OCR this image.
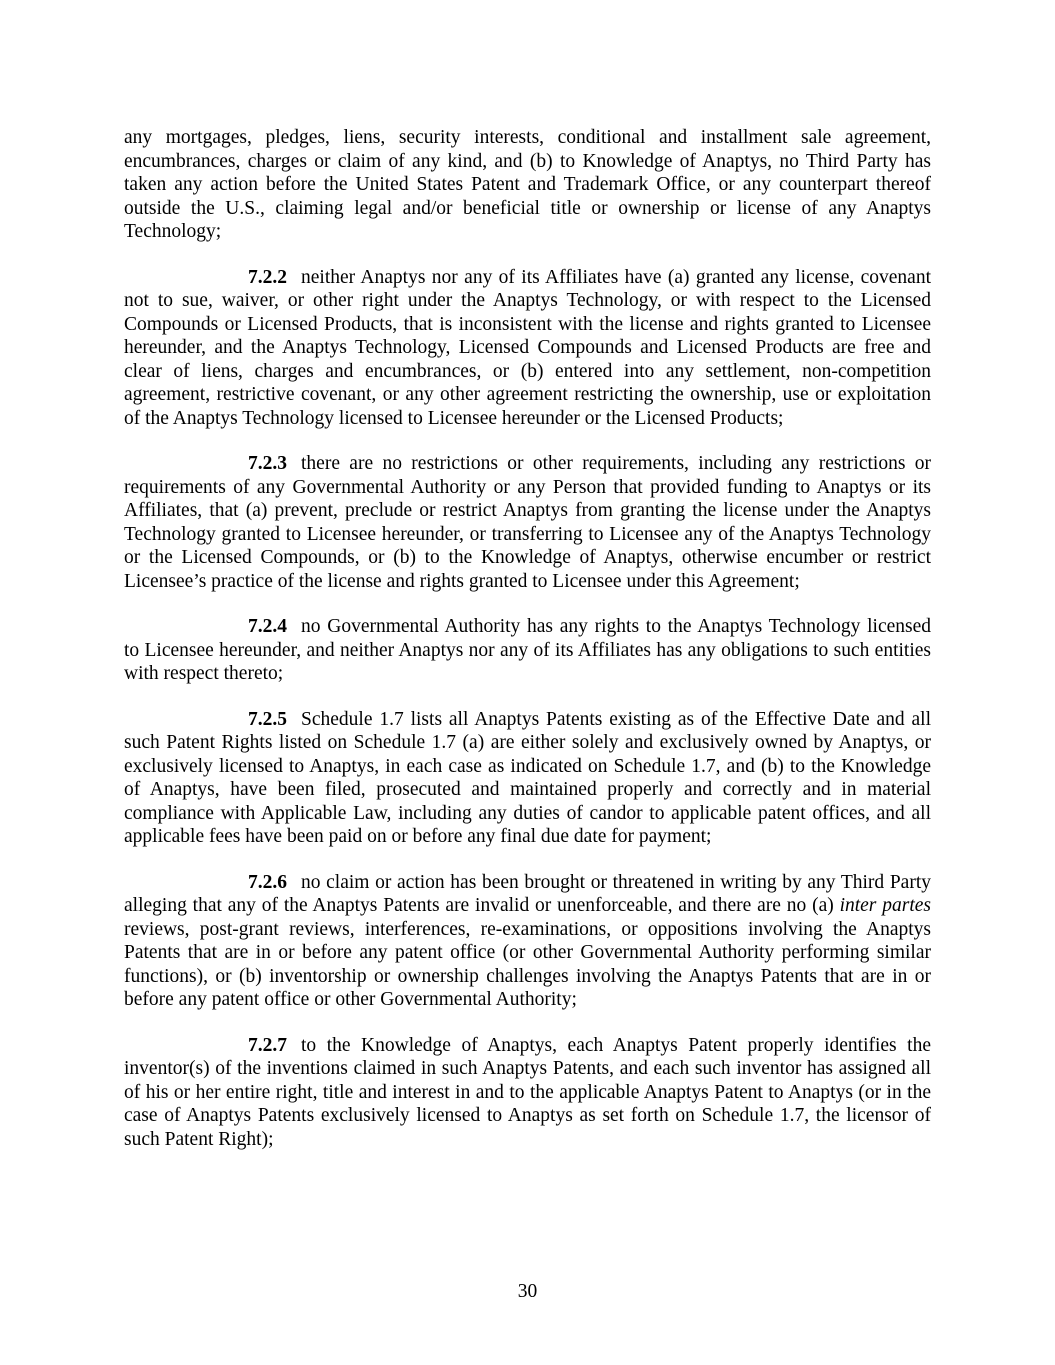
any mortgages, pledges, liens, security interests, conditional and installment sale agreement, encumbrances, charges or claim of any kind, and (b) to Knowledge of Anaptys, no Third Party has taken any action before the United States Patent and Trademark Office, or any counterpart thereof outside the U.S., claiming legal and/or beneficial title or ownership or license of any Anaptys Technology;

7.2.2 neither Anaptys nor any of its Affiliates have (a) granted any license, covenant not to sue, waiver, or other right under the Anaptys Technology, or with respect to the Licensed Compounds or Licensed Products, that is inconsistent with the license and rights granted to Licensee hereunder, and the Anaptys Technology, Licensed Compounds and Licensed Products are free and clear of liens, charges and encumbrances, or (b) entered into any settlement, non-competition agreement, restrictive covenant, or any other agreement restricting the ownership, use or exploitation of the Anaptys Technology licensed to Licensee hereunder or the Licensed Products;

7.2.3 there are no restrictions or other requirements, including any restrictions or requirements of any Governmental Authority or any Person that provided funding to Anaptys or its Affiliates, that (a) prevent, preclude or restrict Anaptys from granting the license under the Anaptys Technology granted to Licensee hereunder, or transferring to Licensee any of the Anaptys Technology or the Licensed Compounds, or (b) to the Knowledge of Anaptys, otherwise encumber or restrict Licensee’s practice of the license and rights granted to Licensee under this Agreement;

7.2.4 no Governmental Authority has any rights to the Anaptys Technology licensed to Licensee hereunder, and neither Anaptys nor any of its Affiliates has any obligations to such entities with respect thereto;

7.2.5 Schedule 1.7 lists all Anaptys Patents existing as of the Effective Date and all such Patent Rights listed on Schedule 1.7 (a) are either solely and exclusively owned by Anaptys, or exclusively licensed to Anaptys, in each case as indicated on Schedule 1.7, and (b) to the Knowledge of Anaptys, have been filed, prosecuted and maintained properly and correctly and in material compliance with Applicable Law, including any duties of candor to applicable patent offices, and all applicable fees have been paid on or before any final due date for payment;

7.2.6 no claim or action has been brought or threatened in writing by any Third Party alleging that any of the Anaptys Patents are invalid or unenforceable, and there are no (a) inter partes reviews, post-grant reviews, interferences, re-examinations, or oppositions involving the Anaptys Patents that are in or before any patent office (or other Governmental Authority performing similar functions), or (b) inventorship or ownership challenges involving the Anaptys Patents that are in or before any patent office or other Governmental Authority;

7.2.7 to the Knowledge of Anaptys, each Anaptys Patent properly identifies the inventor(s) of the inventions claimed in such Anaptys Patents, and each such inventor has assigned all of his or her entire right, title and interest in and to the applicable Anaptys Patent to Anaptys (or in the case of Anaptys Patents exclusively licensed to Anaptys as set forth on Schedule 1.7, the licensor of such Patent Right);

30
